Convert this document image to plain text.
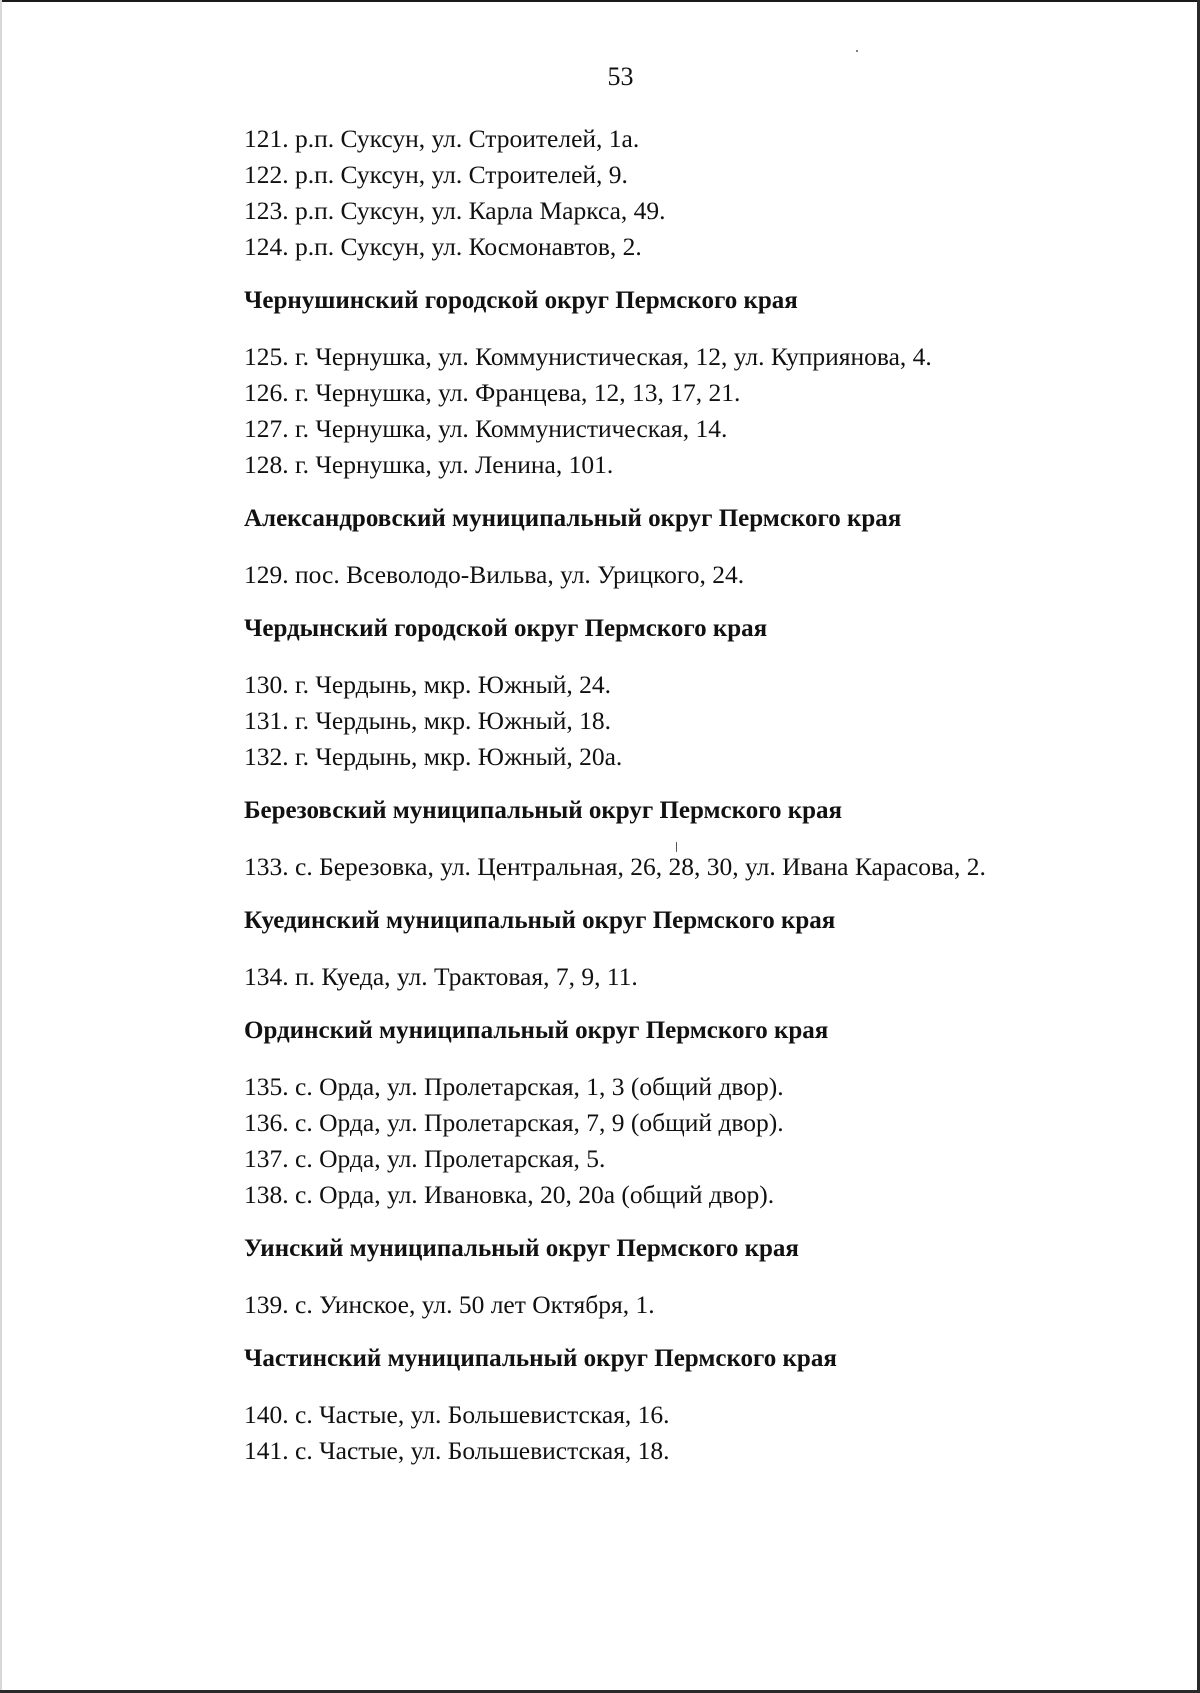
53
121. р.п. Суксун, ул. Строителей, 1а.
122. р.п. Суксун, ул. Строителей, 9.
123. р.п. Суксун, ул. Карла Маркса, 49.
124. р.п. Суксун, ул. Космонавтов, 2.
Чернушинский городской округ Пермского края
125. г. Чернушка, ул. Коммунистическая, 12, ул. Куприянова, 4.
126. г. Чернушка, ул. Францева, 12, 13, 17, 21.
127. г. Чернушка, ул. Коммунистическая, 14.
128. г. Чернушка, ул. Ленина, 101.
Александровский муниципальный округ Пермского края
129. пос. Всеволодо-Вильва, ул. Урицкого, 24.
Чердынский городской округ Пермского края
130. г. Чердынь, мкр. Южный, 24.
131. г. Чердынь, мкр. Южный, 18.
132. г. Чердынь, мкр. Южный, 20а.
Березовский муниципальный округ Пермского края
133. с. Березовка, ул. Центральная, 26, 28, 30, ул. Ивана Карасова, 2.
Куединский муниципальный округ Пермского края
134. п. Куеда, ул. Трактовая, 7, 9, 11.
Ординский муниципальный округ Пермского края
135. с. Орда, ул. Пролетарская, 1, 3 (общий двор).
136. с. Орда, ул. Пролетарская, 7, 9 (общий двор).
137. с. Орда, ул. Пролетарская, 5.
138. с. Орда, ул. Ивановка, 20, 20а (общий двор).
Уинский муниципальный округ Пермского края
139. с. Уинское, ул. 50 лет Октября, 1.
Частинский муниципальный округ Пермского края
140. с. Частые, ул. Большевистская, 16.
141. с. Частые, ул. Большевистская, 18.
